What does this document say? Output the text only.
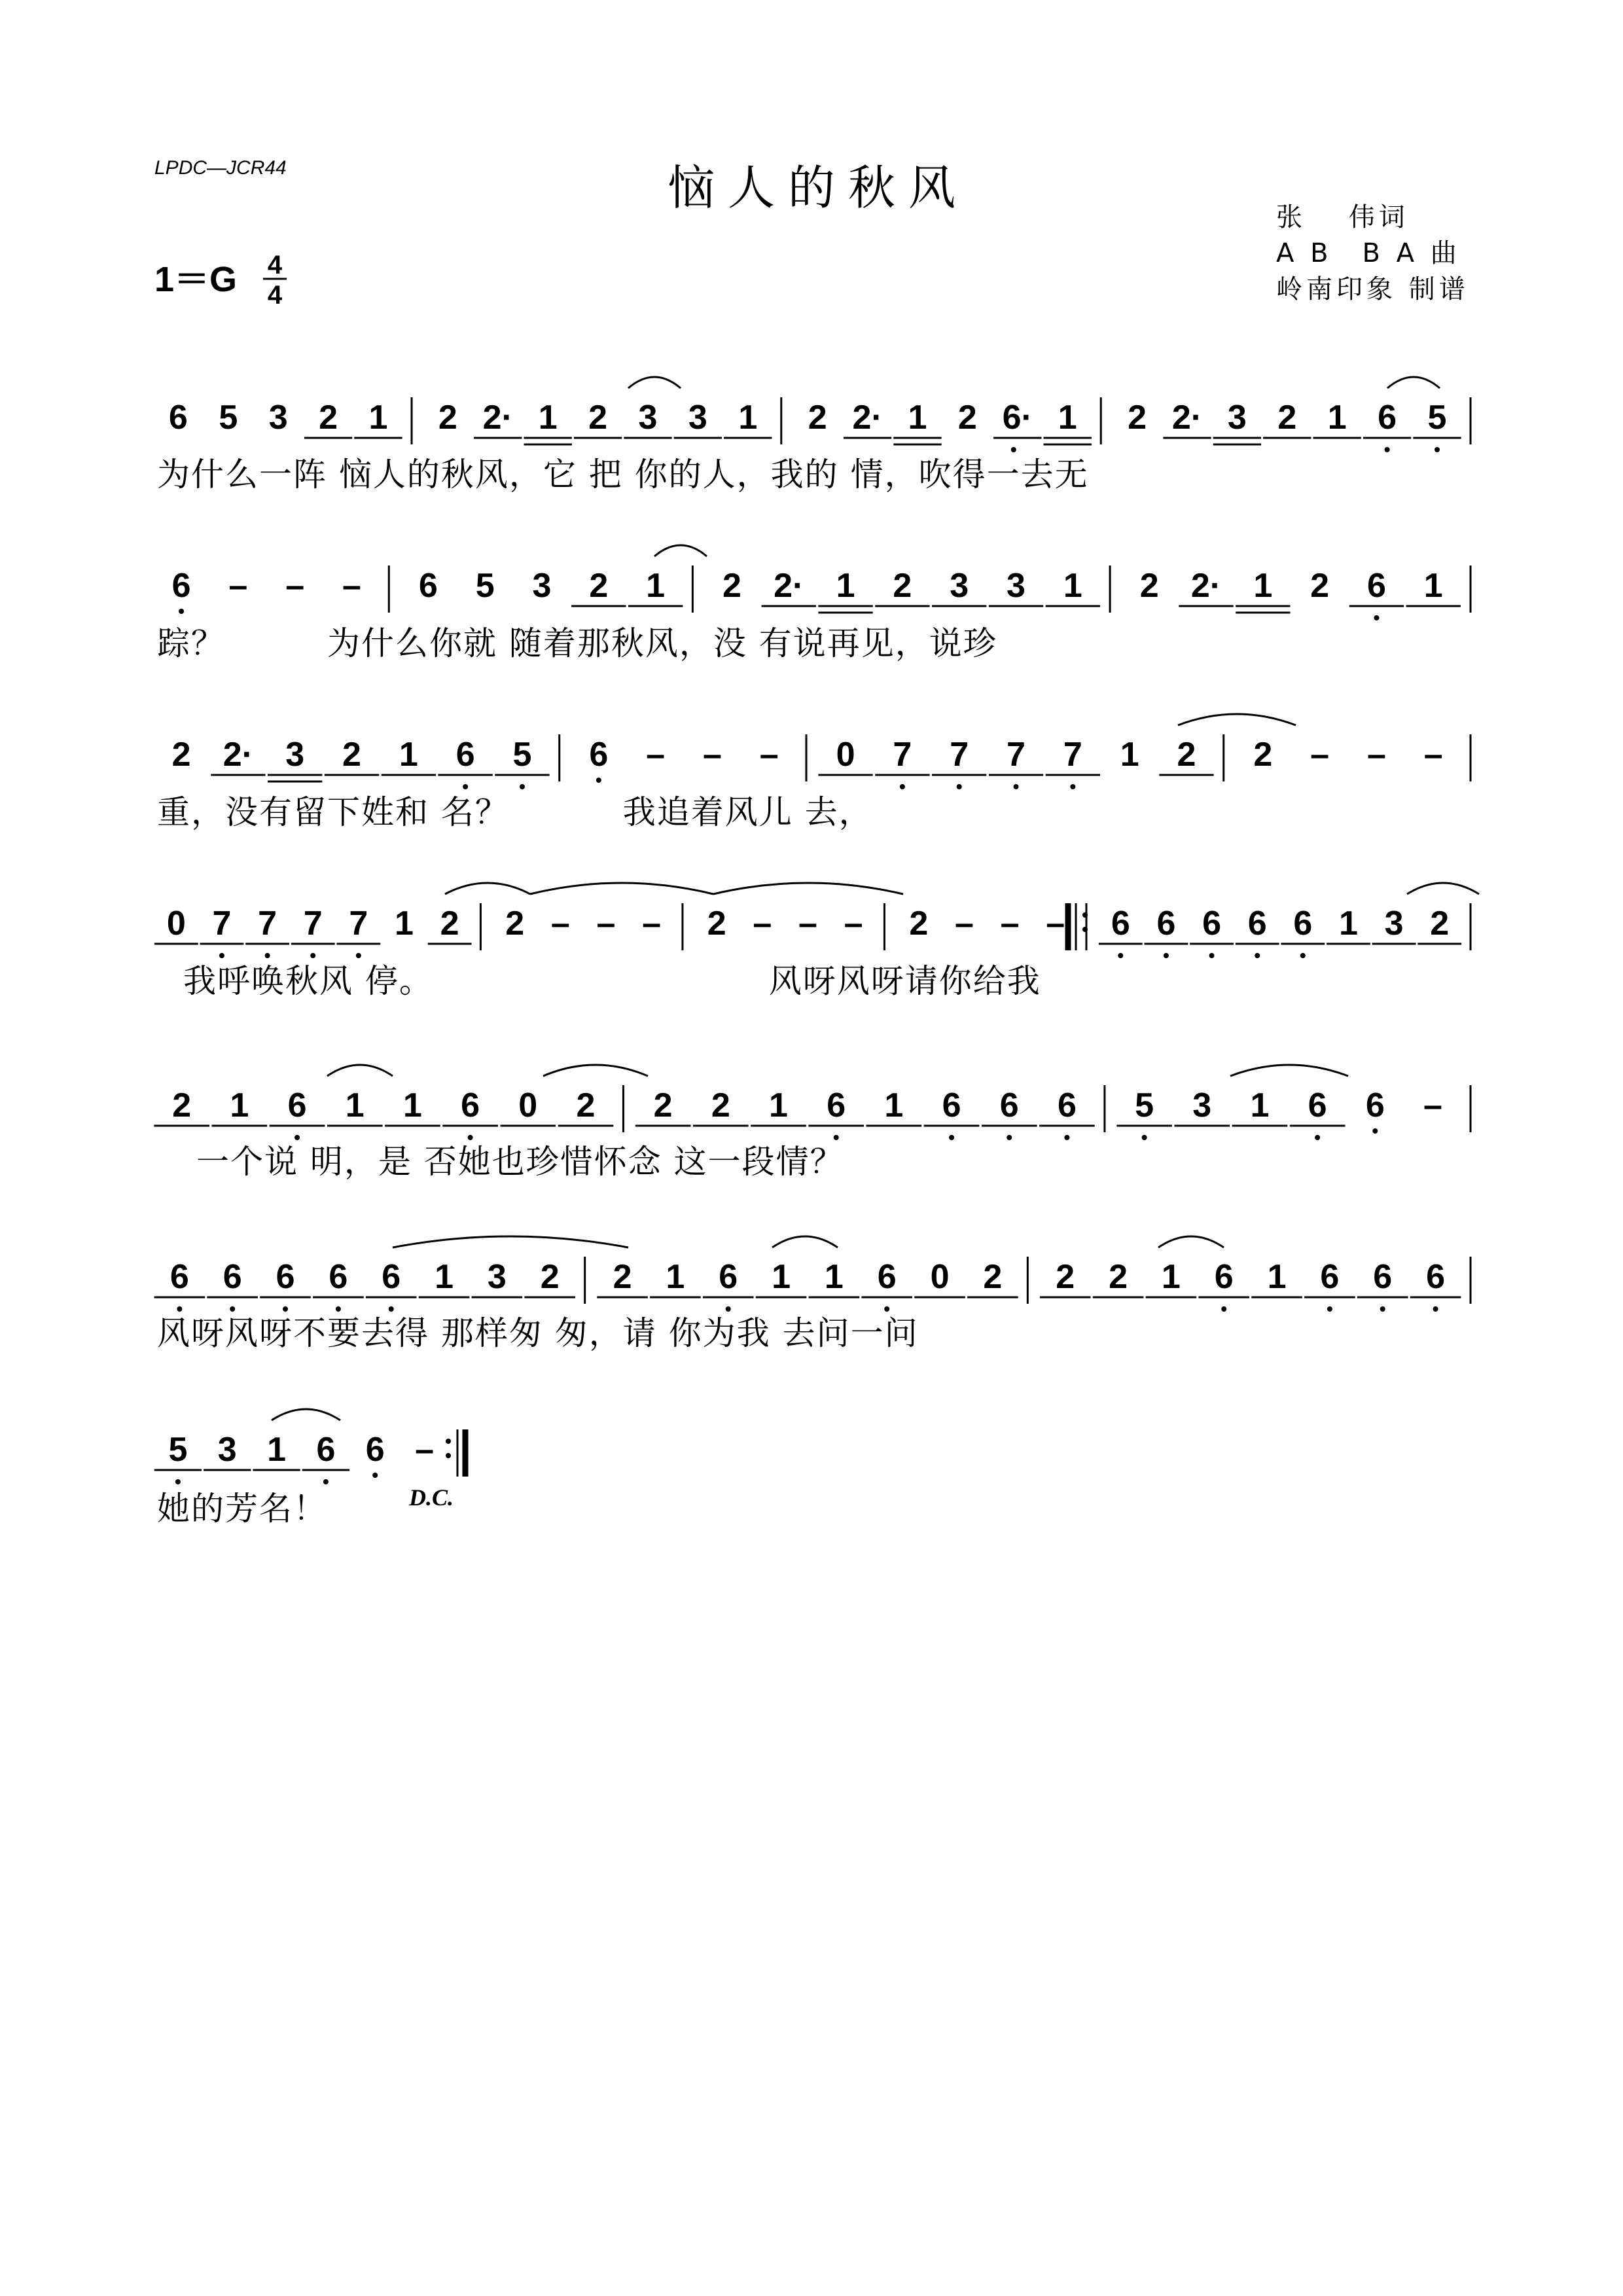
LPDC—JCR44	恼人的秋风
张　 伟词
A B　B A 曲
岭南印象 制谱
1＝G 4
4
为什么一阵 恼人的秋风，它 把 你的人，我的 情，吹得一去无
踪？　　　为什么你就 随着那秋风，没 有说再见，说珍
重，没有留下姓和 名？　　　 我追着风儿 去，
我呼唤秋风 停。　　　　　　　　　　 风呀风呀请你给我
一个说 明，是 否她也珍惜怀念 这一段情？
风呀风呀不要去得 那样匆 匆，请 你为我 去问一问
她的芳名！	D.C.
6 5 3 2 1 2 2· 1 2 3 3 1 2 2· 1 2 6· 1 2 2· 3 2 1 6 5
6 – – – 6 5 3 2 1 2 2· 1 2 3 3 1 2 2· 1 2 6 1
2 2· 3 2 1 6 5 6 – – – 0 7 7 7 7 1 2 2 – – –
0 7 7 7 7 1 2 2 – – – 2 – – – 2 – – – 6 6 6 6 6 1 3 2
2 1 6 1 1 6 0 2 2 2 1 6 1 6 6 6 5 3 1 6 6 –
6 6 6 6 6 1 3 2 2 1 6 1 1 6 0 2 2 2 1 6 1 6 6 6
5 3 1 6 6 –
